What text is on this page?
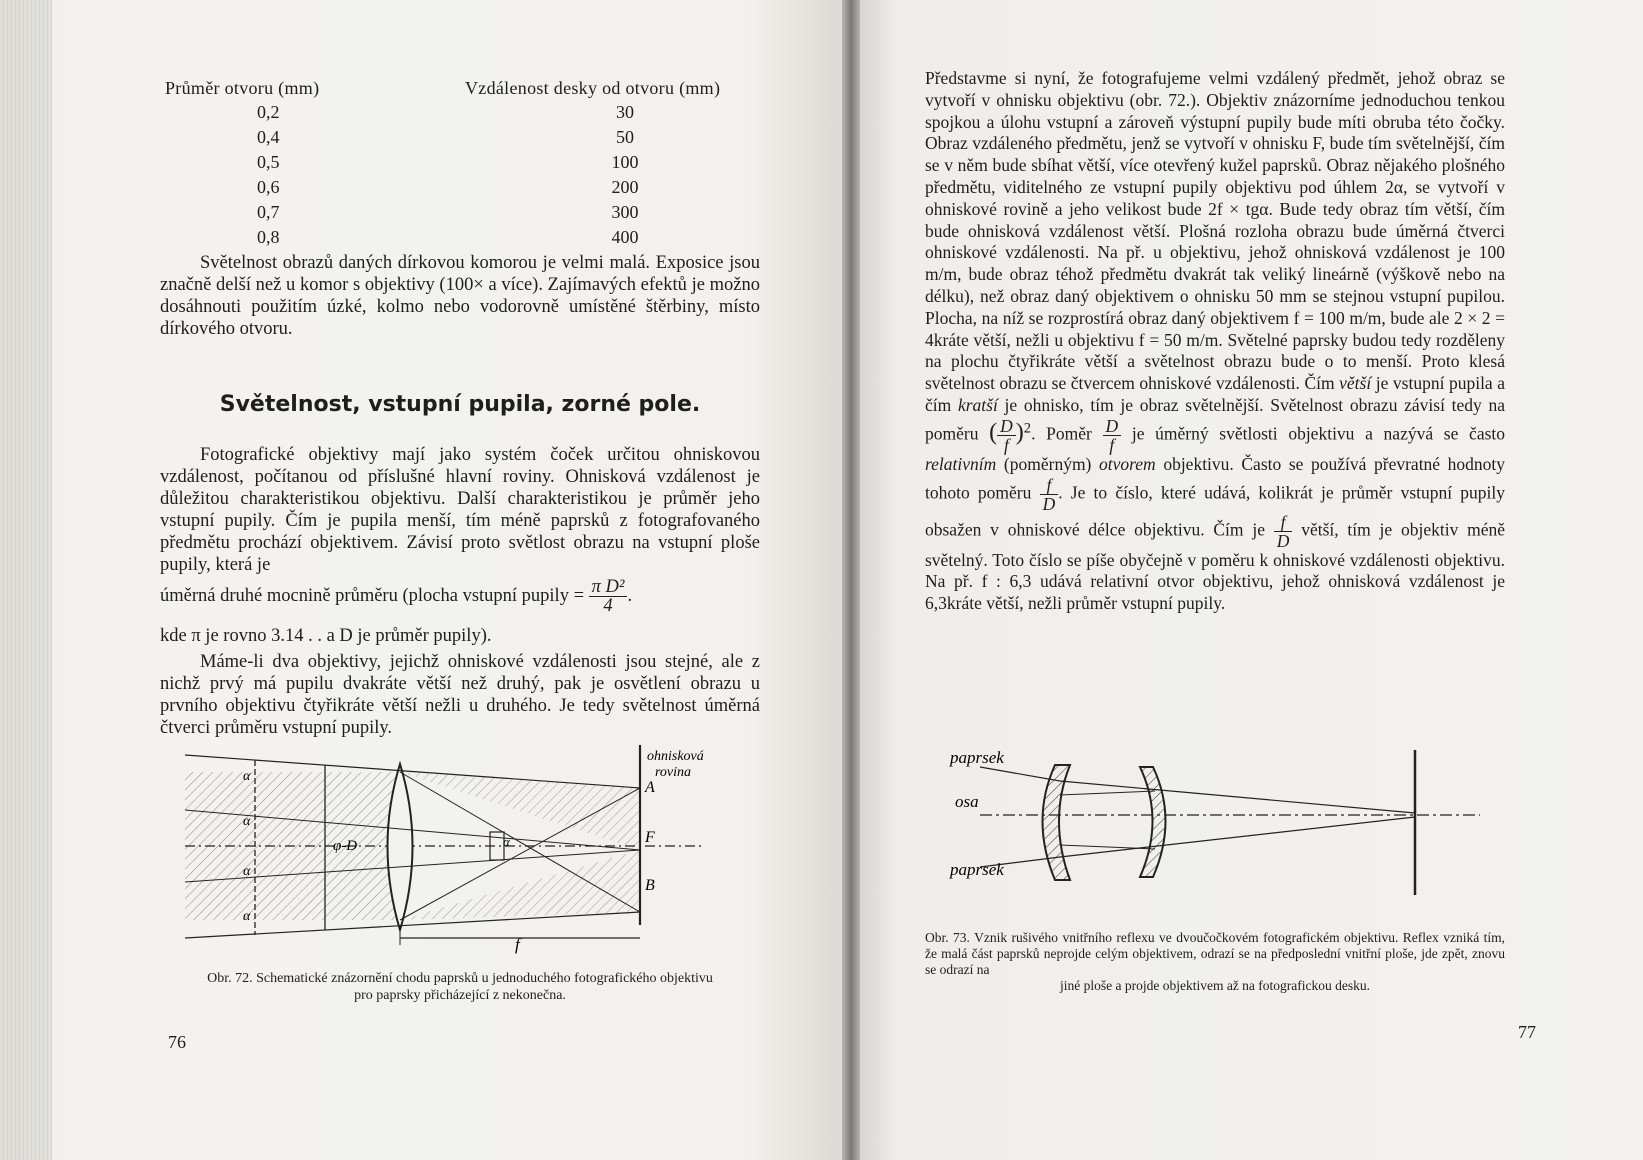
Průměr otvoru (mm)	Vzdálenost desky od otvoru (mm)
0,2	30
0,4	50
0,5	100
0,6	200
0,7	300
0,8	400

Světelnost obrazů daných dírkovou komorou je velmi malá. Exposice jsou značně delší než u komor s objektivy (100× a více). Zajímavých efektů je možno dosáhnouti použitím úzké, kolmo nebo vodorovně umístěné štěrbiny, místo dírkového otvoru.

Světelnost, vstupní pupila, zorné pole.

Fotografické objektivy mají jako systém čoček určitou ohniskovou vzdálenost, počítanou od příslušné hlavní roviny. Ohnisková vzdálenost je důležitou charakteristikou objektivu. Další charakteristikou je průměr jeho vstupní pupily. Čím je pupila menší, tím méně paprsků z fotografovaného předmětu prochází objektivem. Závisí proto světlost obrazu na vstupní ploše pupily, která je

úměrná druhé mocnině průměru (plocha vstupní pupily = $\frac{\text{π D²}}{4}$ .

kde π je rovno 3.14 . . a D je průměr pupily).

Máme-li dva objektivy, jejichž ohniskové vzdálenosti jsou stejné, ale z nichž prvý má pupilu dvakráte větší než druhý, pak je osvětlení obrazu u prvního objektivu čtyřikráte větší nežli u druhého. Je tedy světelnost úměrná čtverci průměru vstupní pupily.

α
α
α
α
φ-D	α
ohnisková
rovina
A
F
B
f
Obr. 72. Schematické znázornění chodu paprsků u jednoduchého fotografického objektivu pro paprsky přicházející z nekonečna.
76

Představme si nyní, že fotografujeme velmi vzdálený předmět, jehož obraz se vytvoří v ohnisku objektivu (obr. 72.). Objektiv znázorníme jednoduchou tenkou spojkou a úlohu vstupní a zároveň výstupní pupily bude míti obruba této čočky. Obraz vzdáleného předmětu, jenž se vytvoří v ohnisku F, bude tím světelnější, čím se v něm bude sbíhat větší, více otevřený kužel paprsků. Obraz nějakého plošného předmětu, viditelného ze vstupní pupily objektivu pod úhlem 2α, se vytvoří v ohniskové rovině a jeho velikost bude 2f × tgα. Bude tedy obraz tím větší, čím bude ohnisková vzdálenost větší. Plošná rozloha obrazu bude úměrná čtverci ohniskové vzdálenosti. Na př. u objektivu, jehož ohnisková vzdálenost je 100 m/m, bude obraz téhož předmětu dvakrát tak veliký lineárně (výškově nebo na délku), než obraz daný objektivem o ohnisku 50 mm se stejnou vstupní pupilou. Plocha, na níž se rozprostírá obraz daný objektivem f = 100 m/m, bude ale 2 × 2 = 4kráte větší, nežli u objektivu f = 50 m/m. Světelné paprsky budou tedy rozděleny na plochu čtyřikráte větší a světelnost obrazu bude o to menší. Proto klesá světelnost obrazu se čtvercem ohniskové vzdálenosti. Čím větší je vstupní pupila a čím kratší je ohnisko, tím je obraz světelnější. Světelnost obrazu závisí tedy na poměru ( $\frac{D}{f} )^2$. Poměr $\frac{D}{f}$ je úměrný světlosti objektivu a nazývá se často relativním (poměrným) otvorem objektivu. Často se používá převratné hodnoty tohoto poměru $\frac{f}{D}$ . Je to číslo, které udává, kolikrát je průměr vstupní pupily obsažen v ohniskové délce objektivu. Čím je $\frac{f}{D}$ větší, tím je objektiv méně světelný. Toto číslo se píše obyčejně v poměru k ohniskové vzdálenosti objektivu. Na př. f : 6,3 udává relativní otvor objektivu, jehož ohnisková vzdálenost je 6,3kráte větší, nežli průměr vstupní pupily.

paprsek
osa
paprsek
Obr. 73. Vznik rušivého vnitřního reflexu ve dvoučočkovém fotografickém objektivu. Reflex vzniká tím, že malá část paprsků neprojde celým objektivem, odrazí se na předposlední vnitřní ploše, jde zpět, znovu se odrazí na
jiné ploše a projde objektivem až na fotografickou desku.
77
